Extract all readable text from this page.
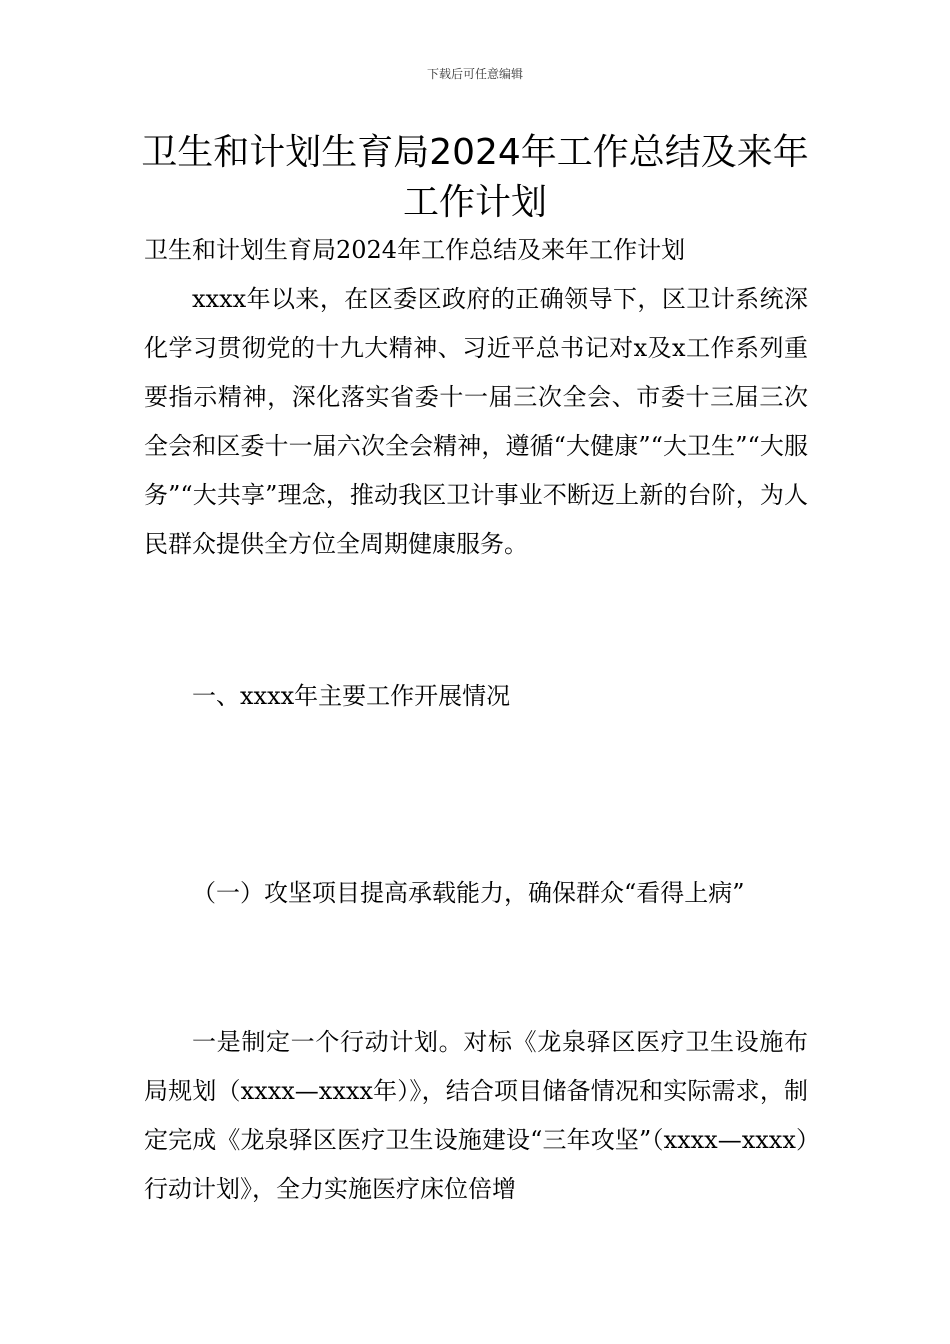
下载后可任意编辑
卫生和计划生育局2024年工作总结及来年工作计划

卫生和计划生育局2024年工作总结及来年工作计划

xxxx年以来，在区委区政府的正确领导下，区卫计系统深化学习贯彻党的十九大精神、习近平总书记对x及x工作系列重要指示精神，深化落实省委十一届三次全会、市委十三届三次全会和区委十一届六次全会精神，遵循“大健康”“大卫生”“大服务”“大共享”理念，推动我区卫计事业不断迈上新的台阶，为人民群众提供全方位全周期健康服务。

一、xxxx年主要工作开展情况

（一）攻坚项目提高承载能力，确保群众“看得上病”

一是制定一个行动计划。对标《龙泉驿区医疗卫生设施布局规划（xxxx—xxxx年）》，结合项目储备情况和实际需求，制定完成《龙泉驿区医疗卫生设施建设“三年攻坚”（xxxx—xxxx）行动计划》，全力实施医疗床位倍增
